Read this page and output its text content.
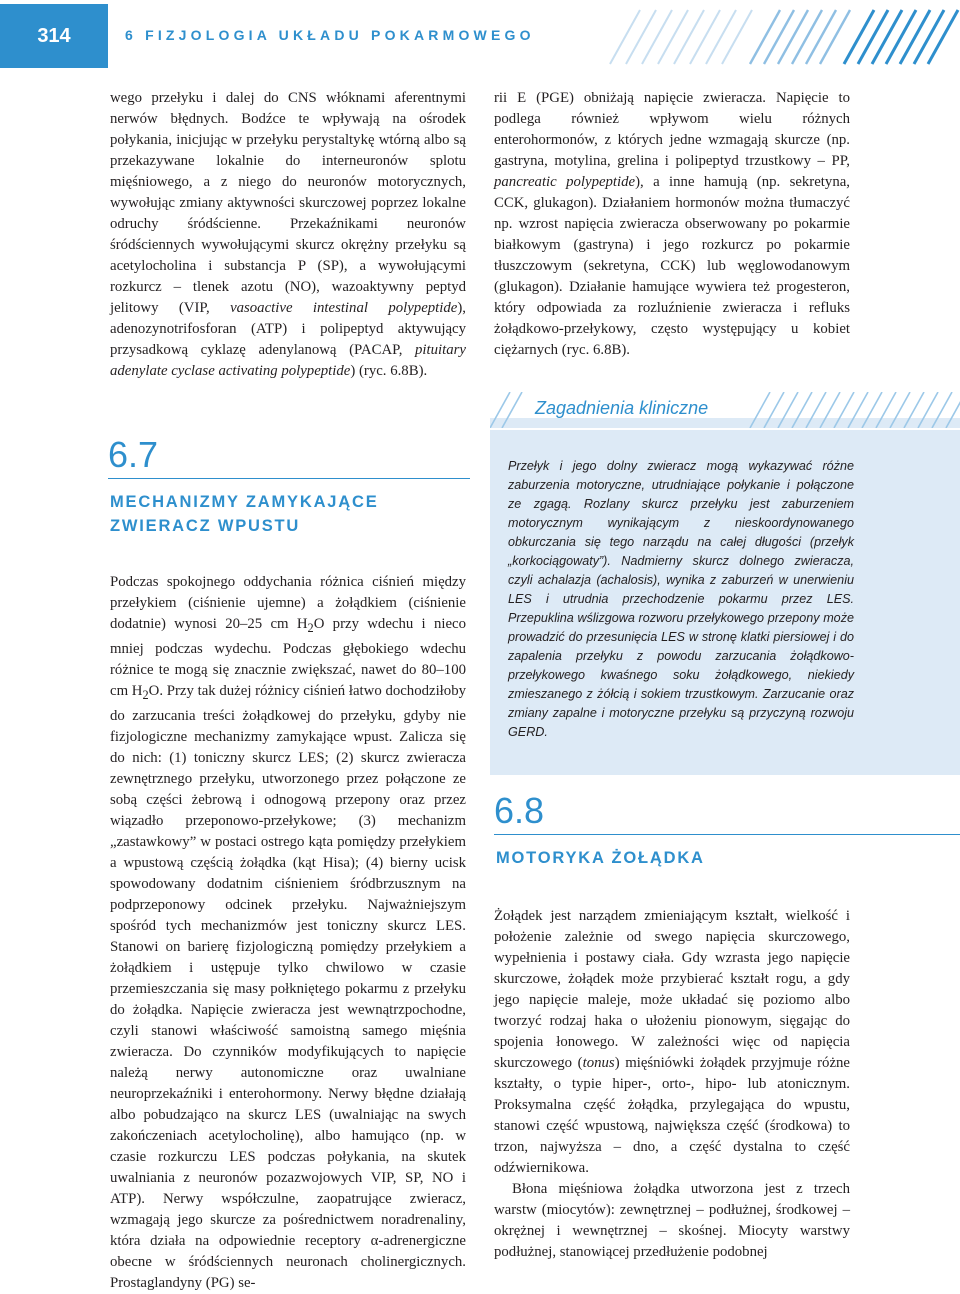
314	6 FIZJOLOGIA UKŁADU POKARMOWEGO

wego przełyku i dalej do CNS włóknami aferentnymi nerwów błędnych. Bodźce te wpływają na ośrodek połykania, inicjując w przełyku perystaltykę wtórną albo są przekazywane lokalnie do interneuronów splotu mięśniowego, a z niego do neuronów motorycznych, wywołując zmiany aktywności skurczowej poprzez lokalne odruchy śródścienne. Przekaźnikami neuronów śródściennych wywołującymi skurcz okrężny przełyku są acetylocholina i substancja P (SP), a wywołującymi rozkurcz – tlenek azotu (NO), wazoaktywny peptyd jelitowy (VIP, vasoactive intestinal polypeptide), adenozynotrifosforan (ATP) i polipeptyd aktywujący przysadkową cyklazę adenylanową (PACAP, pituitary adenylate cyclase activating polypeptide) (ryc. 6.8B).

rii E (PGE) obniżają napięcie zwieracza. Napięcie to podlega również wpływom wielu różnych enterohormonów, z których jedne wzmagają skurcze (np. gastryna, motylina, grelina i polipeptyd trzustkowy – PP, pancreatic polypeptide), a inne hamują (np. sekretyna, CCK, glukagon). Działaniem hormonów można tłumaczyć np. wzrost napięcia zwieracza obserwowany po pokarmie białkowym (gastryna) i jego rozkurcz po pokarmie tłuszczowym (sekretyna, CCK) lub węglowodanowym (glukagon). Działanie hamujące wywiera też progesteron, który odpowiada za rozluźnienie zwieracza i refluks żołądkowo-przełykowy, często występujący u kobiet ciężarnych (ryc. 6.8B).

Zagadnienia kliniczne
Przełyk i jego dolny zwieracz mogą wykazywać różne zaburzenia motoryczne, utrudniające połykanie i połączone ze zgagą. Rozlany skurcz przełyku jest zaburzeniem motorycznym wynikającym z nieskoordynowanego obkurczania się tego narządu na całej długości (przełyk „korkociągowaty”). Nadmierny skurcz dolnego zwieracza, czyli achalazja (achalosis), wynika z zaburzeń w unerwieniu LES i utrudnia przechodzenie pokarmu przez LES. Przepuklina wślizgowa rozworu przełykowego przepony może prowadzić do przesunięcia LES w stronę klatki piersiowej i do zapalenia przełyku z powodu zarzucania żołądkowo-przełykowego kwaśnego soku żołądkowego, niekiedy zmieszanego z żółcią i sokiem trzustkowym. Zarzucanie oraz zmiany zapalne i motoryczne przełyku są przyczyną rozwoju GERD.
6.7
MECHANIZMY ZAMYKAJĄCE
ZWIERACZ WPUSTU

Podczas spokojnego oddychania różnica ciśnień między przełykiem (ciśnienie ujemne) a żołądkiem (ciśnienie dodatnie) wynosi 20–25 cm $H_2O$ przy wdechu i nieco mniej podczas wydechu. Podczas głębokiego wdechu różnice te mogą się znacznie zwiększać, nawet do 80–100 cm $H_2O$. Przy tak dużej różnicy ciśnień łatwo dochodziłoby do zarzucania treści żołądkowej do przełyku, gdyby nie fizjologiczne mechanizmy zamykające wpust. Zalicza się do nich: (1) toniczny skurcz LES; (2) skurcz zwieracza zewnętrznego przełyku, utworzonego przez połączone ze sobą części żebrową i odnogową przepony oraz przez wiązadło przeponowo-przełykowe; (3) mechanizm „zastawkowy” w postaci ostrego kąta pomiędzy przełykiem a wpustową częścią żołądka (kąt Hisa); (4) bierny ucisk spowodowany dodatnim ciśnieniem śródbrzusznym na podprzeponowy odcinek przełyku. Najważniejszym spośród tych mechanizmów jest toniczny skurcz LES. Stanowi on barierę fizjologiczną pomiędzy przełykiem a żołądkiem i ustępuje tylko chwilowo w czasie przemieszczania się masy połkniętego pokarmu z przełyku do żołądka. Napięcie zwieracza jest wewnątrzpochodne, czyli stanowi właściwość samoistną samego mięśnia zwieracza. Do czynników modyfikujących to napięcie należą nerwy autonomiczne oraz uwalniane neuroprzekaźniki i enterohormony. Nerwy błędne działają albo pobudzająco na skurcz LES (uwalniając na swych zakończeniach acetylocholinę), albo hamująco (np. w czasie rozkurczu LES podczas połykania, na skutek uwalniania z neuronów pozazwojowych VIP, SP, NO i ATP). Nerwy współczulne, zaopatrujące zwieracz, wzmagają jego skurcze za pośrednictwem noradrenaliny, która działa na odpowiednie receptory α-adrenergiczne obecne w śródściennych neuronach cholinergicznych. Prostaglandyny (PG) se-

6.8
MOTORYKA ŻOŁĄDKA

Żołądek jest narządem zmieniającym kształt, wielkość i położenie zależnie od swego napięcia skurczowego, wypełnienia i postawy ciała. Gdy wzrasta jego napięcie skurczowe, żołądek może przybierać kształt rogu, a gdy jego napięcie maleje, może układać się poziomo albo tworzyć rodzaj haka o ułożeniu pionowym, sięgając do spojenia łonowego. W zależności więc od napięcia skurczowego (tonus) mięśniówki żołądek przyjmuje różne kształty, o typie hiper-, orto-, hipo- lub atonicznym. Proksymalna część żołądka, przylegająca do wpustu, stanowi część wpustową, największa część (środkowa) to trzon, najwyższa – dno, a część dystalna to część odźwiernikowa.

Błona mięśniowa żołądka utworzona jest z trzech warstw (miocytów): zewnętrznej – podłużnej, środkowej – okrężnej i wewnętrznej – skośnej. Miocyty warstwy podłużnej, stanowiącej przedłużenie podobnej
